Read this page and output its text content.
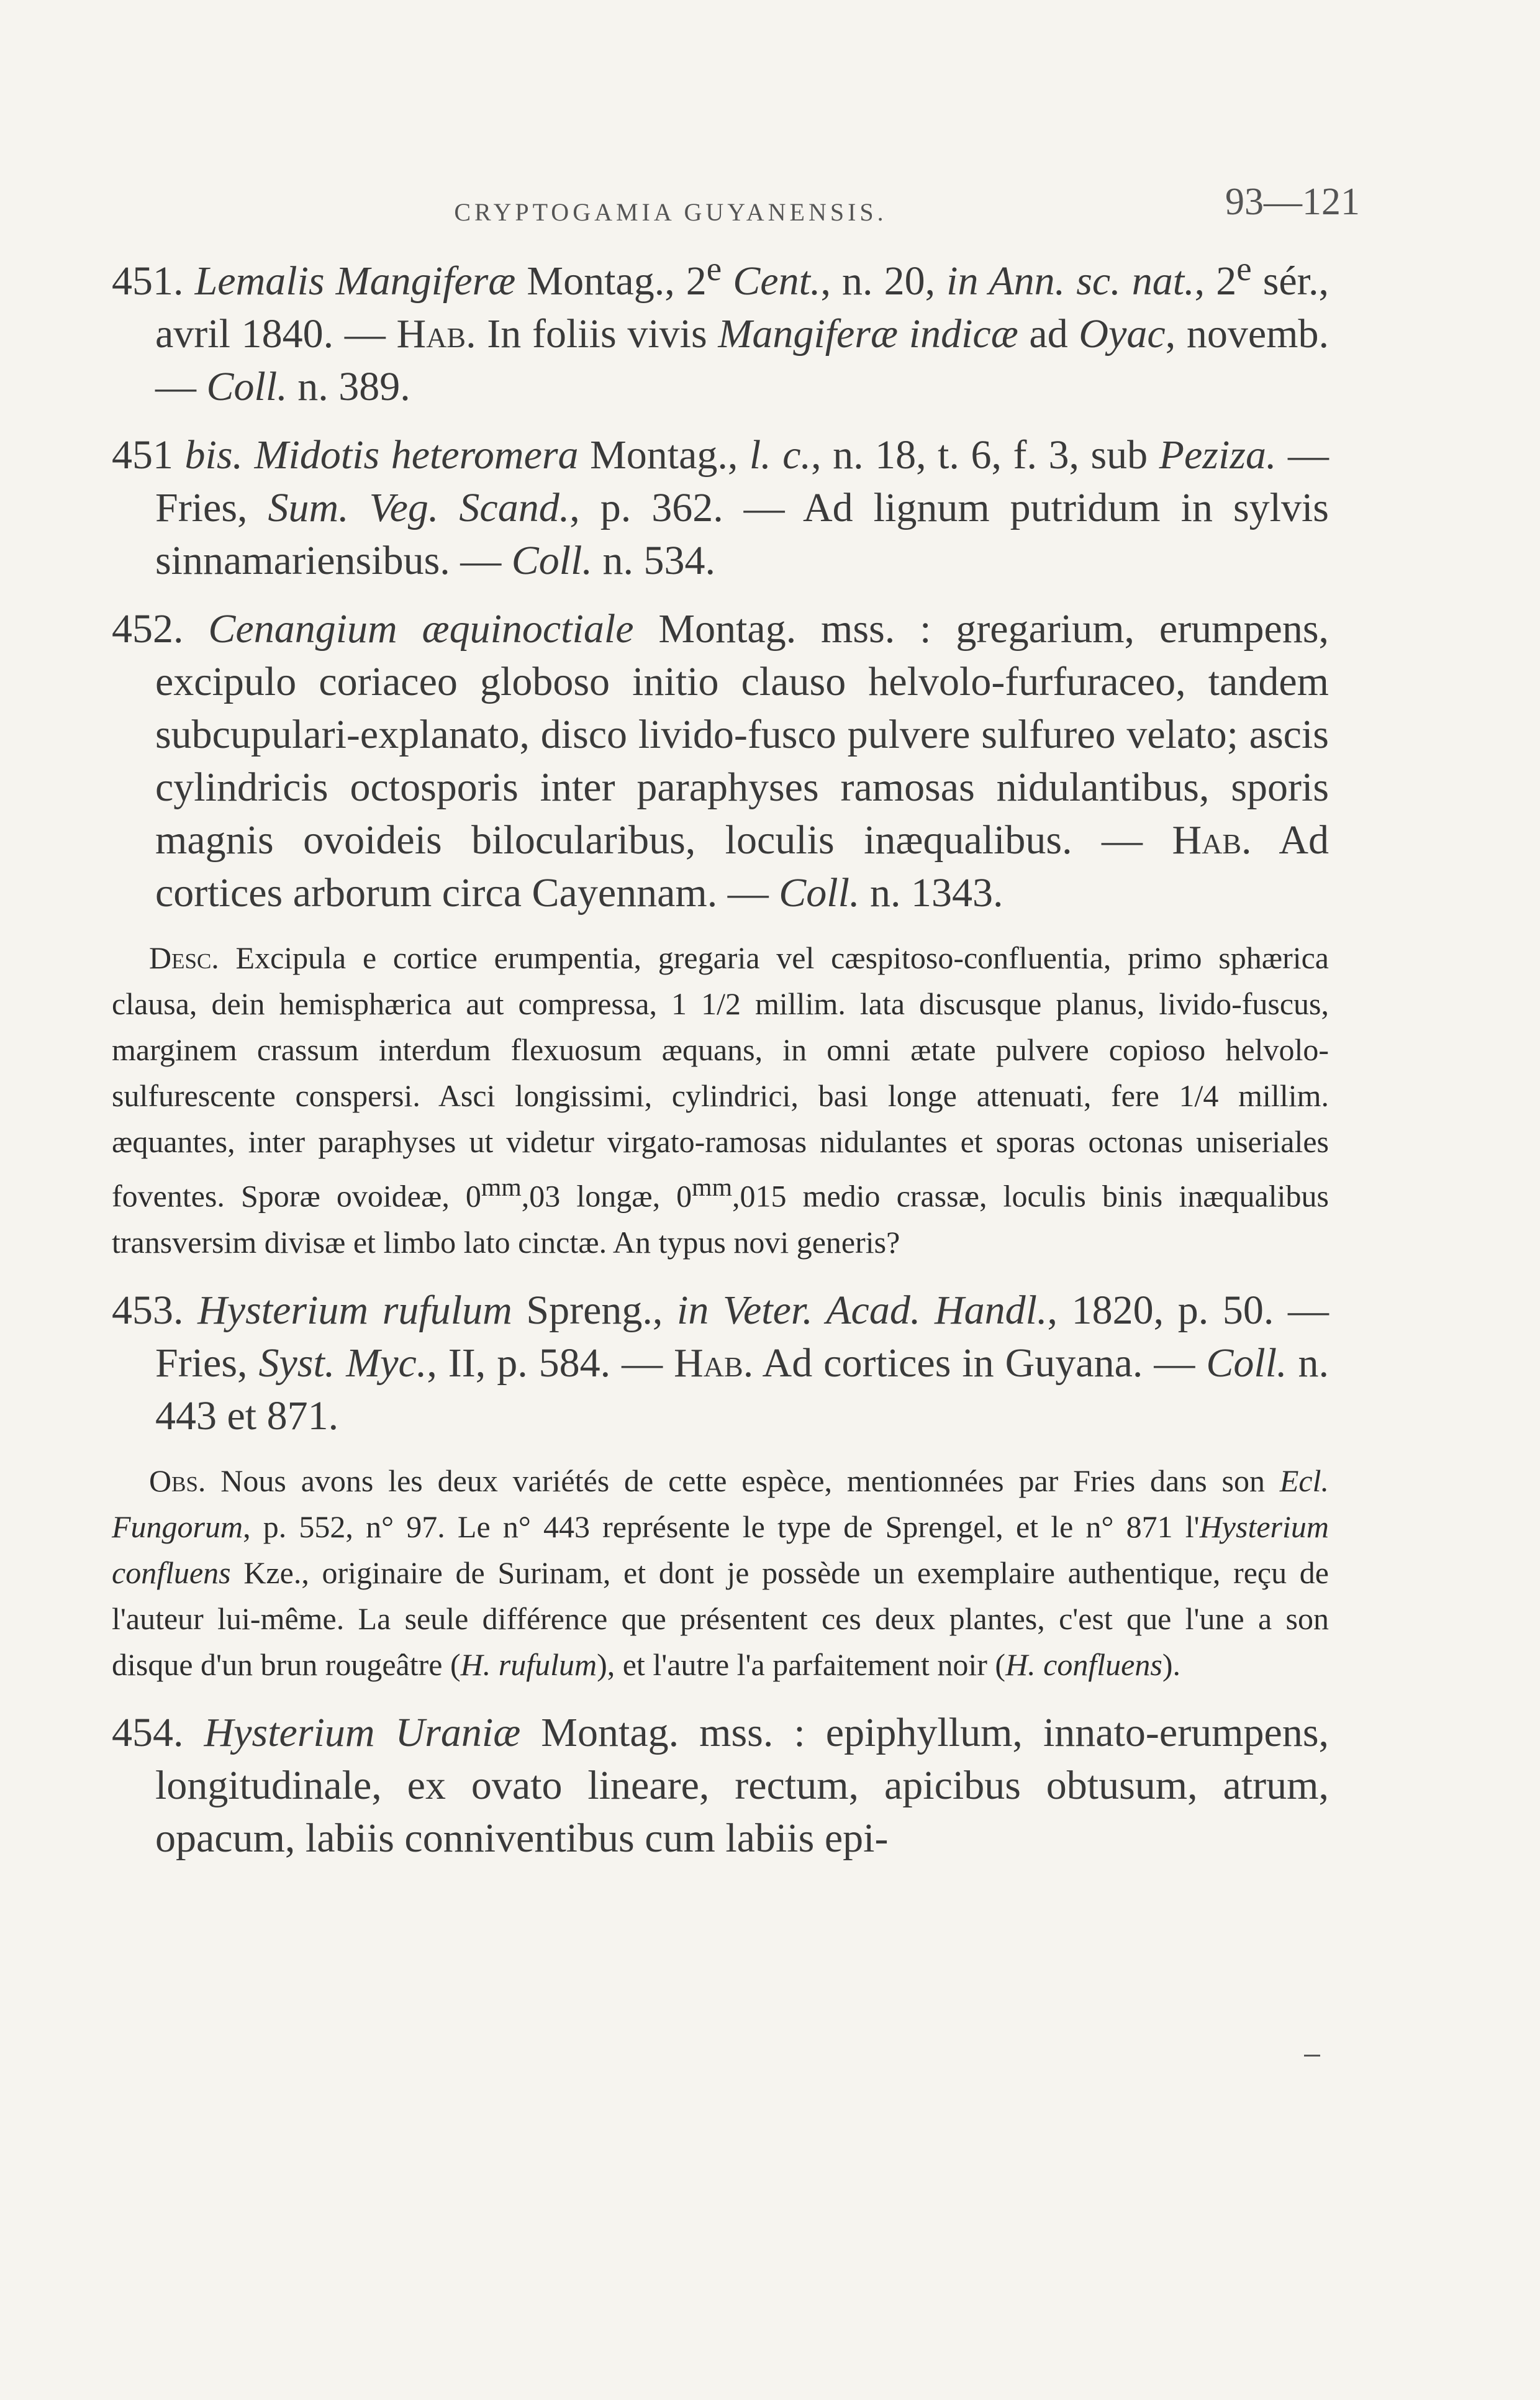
CRYPTOGAMIA GUYANENSIS.	93—121

451. Lemalis Mangiferæ Montag., 2e Cent., n. 20, in Ann. sc. nat., 2e sér., avril 1840. — Hab. In foliis vivis Mangiferæ indicæ ad Oyac, novemb. — Coll. n. 389.

451 bis. Midotis heteromera Montag., l. c., n. 18, t. 6, f. 3, sub Peziza. — Fries, Sum. Veg. Scand., p. 362. — Ad lignum putridum in sylvis sinnamariensibus. — Coll. n. 534.

452. Cenangium æquinoctiale Montag. mss. : gregarium, erumpens, excipulo coriaceo globoso initio clauso helvolo-furfuraceo, tandem subcupulari-explanato, disco livido-fusco pulvere sulfureo velato; ascis cylindricis octosporis inter paraphyses ramosas nidulantibus, sporis magnis ovoideis bilocularibus, loculis inæqualibus. — Hab. Ad cortices arborum circa Cayennam. — Coll. n. 1343.

Desc. Excipula e cortice erumpentia, gregaria vel cæspitoso-confluentia, primo sphærica clausa, dein hemisphærica aut compressa, 1 1/2 millim. lata discusque planus, livido-fuscus, marginem crassum interdum flexuosum æquans, in omni ætate pulvere copioso helvolo-sulfurescente conspersi. Asci longissimi, cylindrici, basi longe attenuati, fere 1/4 millim. æquantes, inter paraphyses ut videtur virgato-ramosas nidulantes et sporas octonas uniseriales foventes. Sporæ ovoideæ, $0^{mm},03$ longæ, $0^{mm},015$ medio crassæ, loculis binis inæqualibus transversim divisæ et limbo lato cinctæ. An typus novi generis?

453. Hysterium rufulum Spreng., in Veter. Acad. Handl., 1820, p. 50. — Fries, Syst. Myc., II, p. 584. — Hab. Ad cortices in Guyana. — Coll. n. 443 et 871.

Obs. Nous avons les deux variétés de cette espèce, mentionnées par Fries dans son Ecl. Fungorum, p. 552, n° 97. Le n° 443 représente le type de Sprengel, et le n° 871 l'Hysterium confluens Kze., originaire de Surinam, et dont je possède un exemplaire authentique, reçu de l'auteur lui-même. La seule différence que présentent ces deux plantes, c'est que l'une a son disque d'un brun rougeâtre (H. rufulum), et l'autre l'a parfaitement noir (H. confluens).

454. Hysterium Uraniæ Montag. mss. : epiphyllum, innato-erumpens, longitudinale, ex ovato lineare, rectum, apicibus obtusum, atrum, opacum, labiis conniventibus cum labiis epi-
